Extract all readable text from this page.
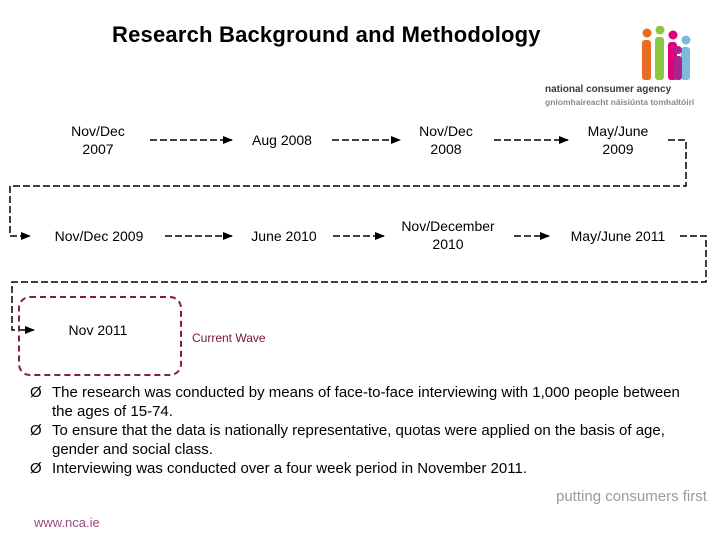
Research Background and Methodology
national consumer agency
gníomhaireacht náisiúnta tomhaltóirí
Nov/Dec
2007
Aug 2008
Nov/Dec
2008
May/June
2009
Nov/Dec 2009	June 2010
Nov/December
2010	May/June 2011
Nov 2011	Current Wave
Ø The research was conducted by means of face-to-face interviewing with 1,000 people between the ages of 15-74.
Ø To ensure that the data is nationally representative, quotas were applied on the basis of age, gender and social class.
Ø Interviewing was conducted over a four week period in November 2011.
putting consumers first
www.nca.ie
